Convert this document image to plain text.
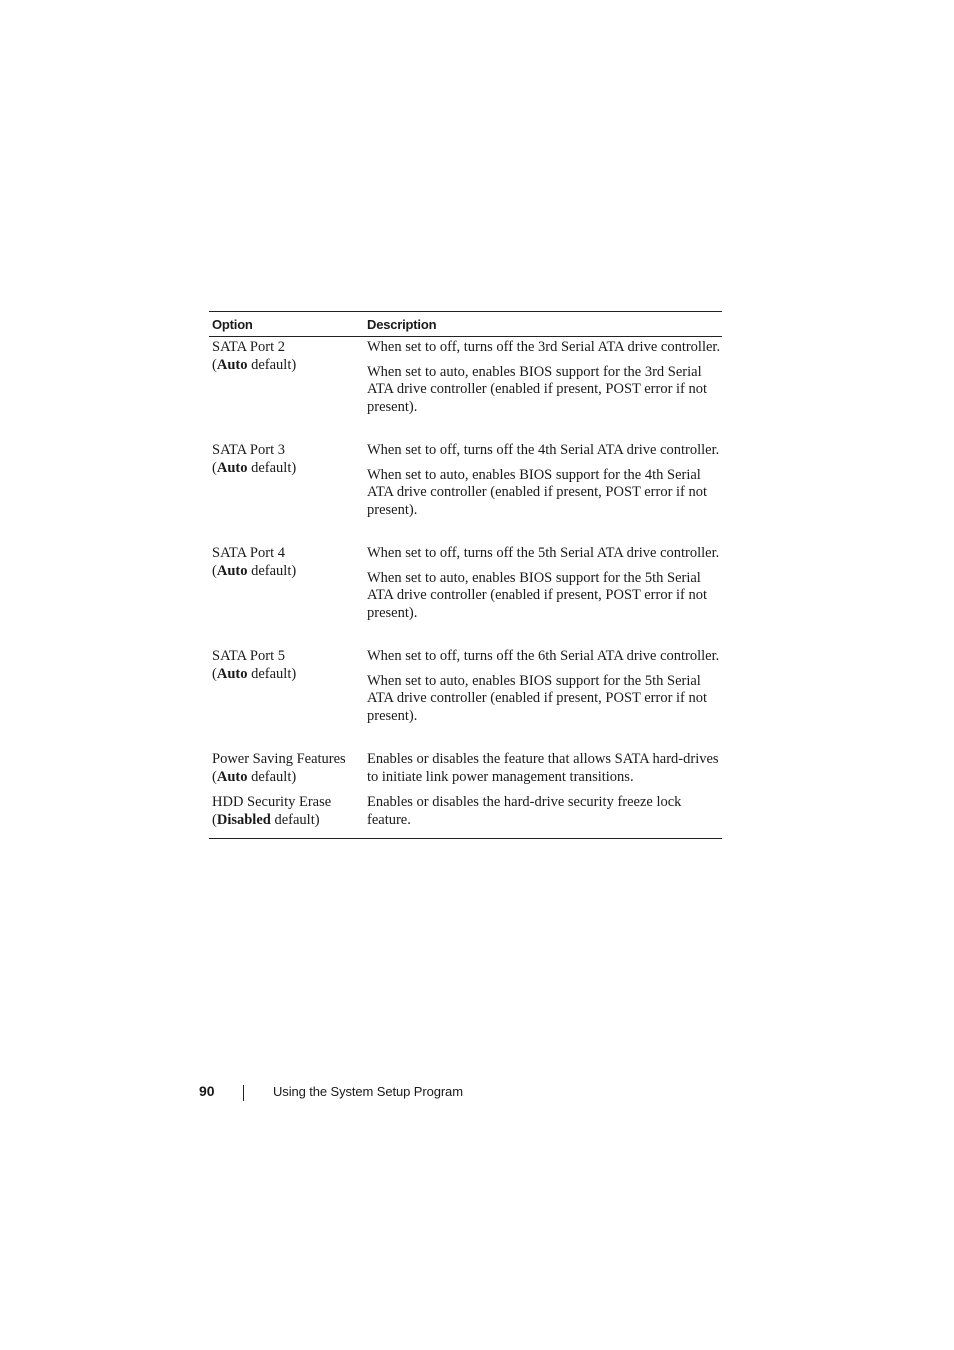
Option	Description
SATA Port 2
(Auto default)

When set to off, turns off the 3rd Serial ATA drive controller.

When set to auto, enables BIOS support for the 3rd Serial ATA drive controller (enabled if present, POST error if not present).

SATA Port 3
(Auto default)

When set to off, turns off the 4th Serial ATA drive controller.

When set to auto, enables BIOS support for the 4th Serial ATA drive controller (enabled if present, POST error if not present).

SATA Port 4
(Auto default)

When set to off, turns off the 5th Serial ATA drive controller.

When set to auto, enables BIOS support for the 5th Serial ATA drive controller (enabled if present, POST error if not present).

SATA Port 5
(Auto default)

When set to off, turns off the 6th Serial ATA drive controller.

When set to auto, enables BIOS support for the 5th Serial ATA drive controller (enabled if present, POST error if not present).

Power Saving Features
(Auto default)

Enables or disables the feature that allows SATA hard-drives to initiate link power management transitions.

HDD Security Erase
(Disabled default)

Enables or disables the hard-drive security freeze lock feature.

90	Using the System Setup Program
